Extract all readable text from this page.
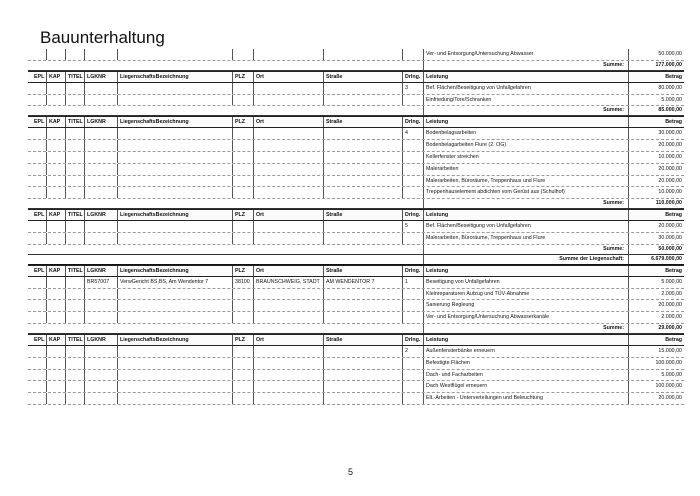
Bauunterhaltung
Ver- und Entsorgung/Untersuchung Abwasser	50.000,00
Summe:	177.000,00
EPL KAP	TITEL LGKNR	LiegenschaftsBezeichnung	PLZ	Ort	Straße	Drlng.	Leistung	Betrag
3	Bef. Flächen/Beseitigung von Unfallgefahren	80.000,00
Einfriedung/Tore/Schranken	5.000,00
Summe:	85.000,00
EPL KAP	TITEL LGKNR	LiegenschaftsBezeichnung	PLZ	Ort	Straße	Drlng.	Leistung	Betrag
4	Bodenbelagsarbeiten	30.000,00
Bodenbelagarbeiten Flure (2. OG)	20.000,00
Kellerfenster streichen	10.000,00
Malerarbeiten	20.000,00
Malerarbeiten, Büroräume, Treppenhaus und Flure	20.000,00
Treppenhauselement abdichten vom Gerüst aus (Schulhof)	10.000,00
Summe:	110.000,00
EPL KAP	TITEL LGKNR	LiegenschaftsBezeichnung	PLZ	Ort	Straße	Drlng.	Leistung	Betrag
5	Bef. Flächen/Beseitigung von Unfallgefahren	20.000,00
Malerarbeiten, Büroräume, Treppenhaus und Flure	30.000,00
Summe:	50.000,00
Summe der Liegenschaft:	6.679.000,00
EPL KAP	TITEL LGKNR	LiegenschaftsBezeichnung	PLZ	Ort	Straße	Drlng.	Leistung	Betrag
BR57007	VerwGericht BS,BS, Am Wendentor 7	38100	BRAUNSCHWEIG, STADT	AM WENDENTOR 7	1	Beseitigung von Unfallgefahren	5.000,00
Kleinreparaturen Aufzug und TÜV-Abnahme	2.000,00
Sanierung Regleung	20.000,00
Ver- und Entsorgung/Untersuchung Abwasserkanäle	2.000,00
Summe:	29.000,00
EPL KAP	TITEL LGKNR	LiegenschaftsBezeichnung	PLZ	Ort	Straße	Drlng.	Leistung	Betrag
2	Außenfensterbänke erneuern	15.000,00
Befestigte Flächen	100.000,00
Dach- und Facharbeiten	5.000,00
Dach Westflügel erneuern	100.000,00
Elt.-Arbeiten - Unterverteilungen und Beleuchtung	20.000,00
5
